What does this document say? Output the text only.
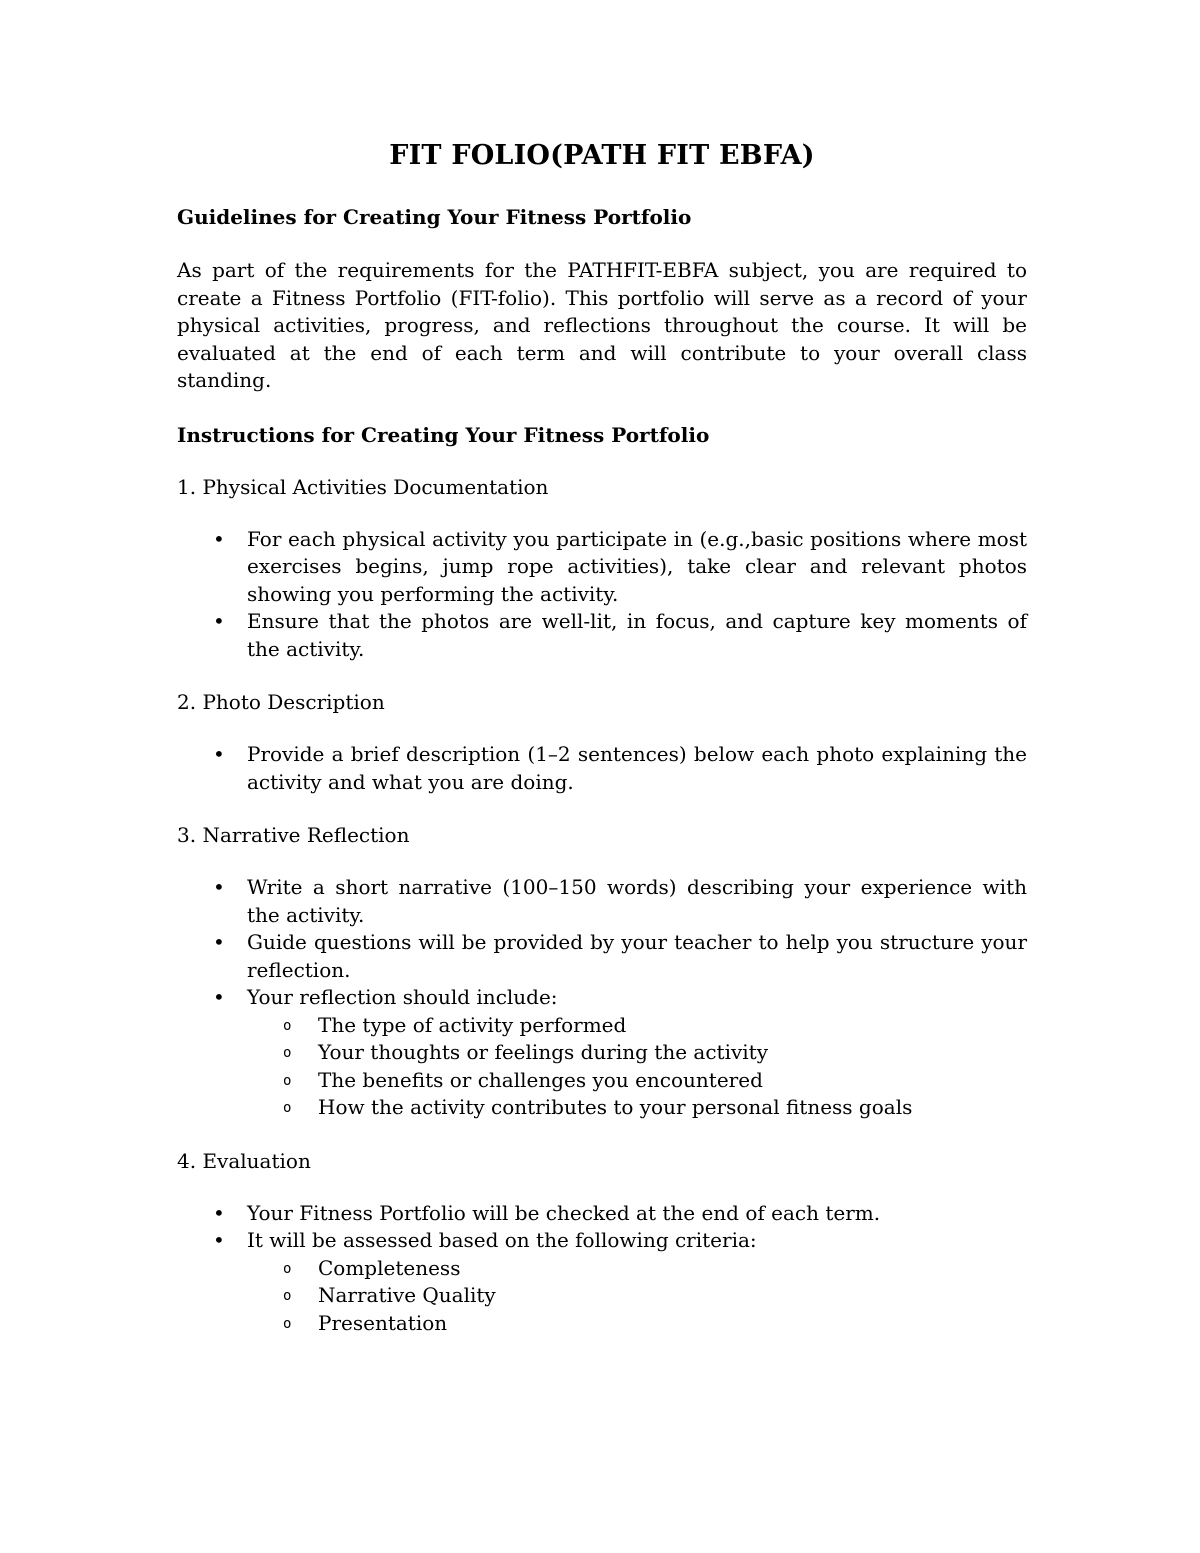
FIT FOLIO(PATH FIT EBFA)
Guidelines for Creating Your Fitness Portfolio

As part of the requirements for the PATHFIT-EBFA subject, you are required to create a Fitness Portfolio (FIT-folio). This portfolio will serve as a record of your physical activities, progress, and reflections throughout the course. It will be evaluated at the end of each term and will contribute to your overall class standing.

Instructions for Creating Your Fitness Portfolio
1. Physical Activities Documentation
• For each physical activity you participate in (e.g.,basic positions where most exercises begins, jump rope activities), take clear and relevant photos showing you performing the activity.
• Ensure that the photos are well-lit, in focus, and capture key moments of the activity.
2. Photo Description
• Provide a brief description (1–2 sentences) below each photo explaining the activity and what you are doing.
3. Narrative Reflection
• Write a short narrative (100–150 words) describing your experience with the activity.
• Guide questions will be provided by your teacher to help you structure your reflection.
• Your reflection should include:
o The type of activity performed
o Your thoughts or feelings during the activity
o The benefits or challenges you encountered
o How the activity contributes to your personal fitness goals
4. Evaluation
• Your Fitness Portfolio will be checked at the end of each term.
• It will be assessed based on the following criteria:
o Completeness
o Narrative Quality
o Presentation
